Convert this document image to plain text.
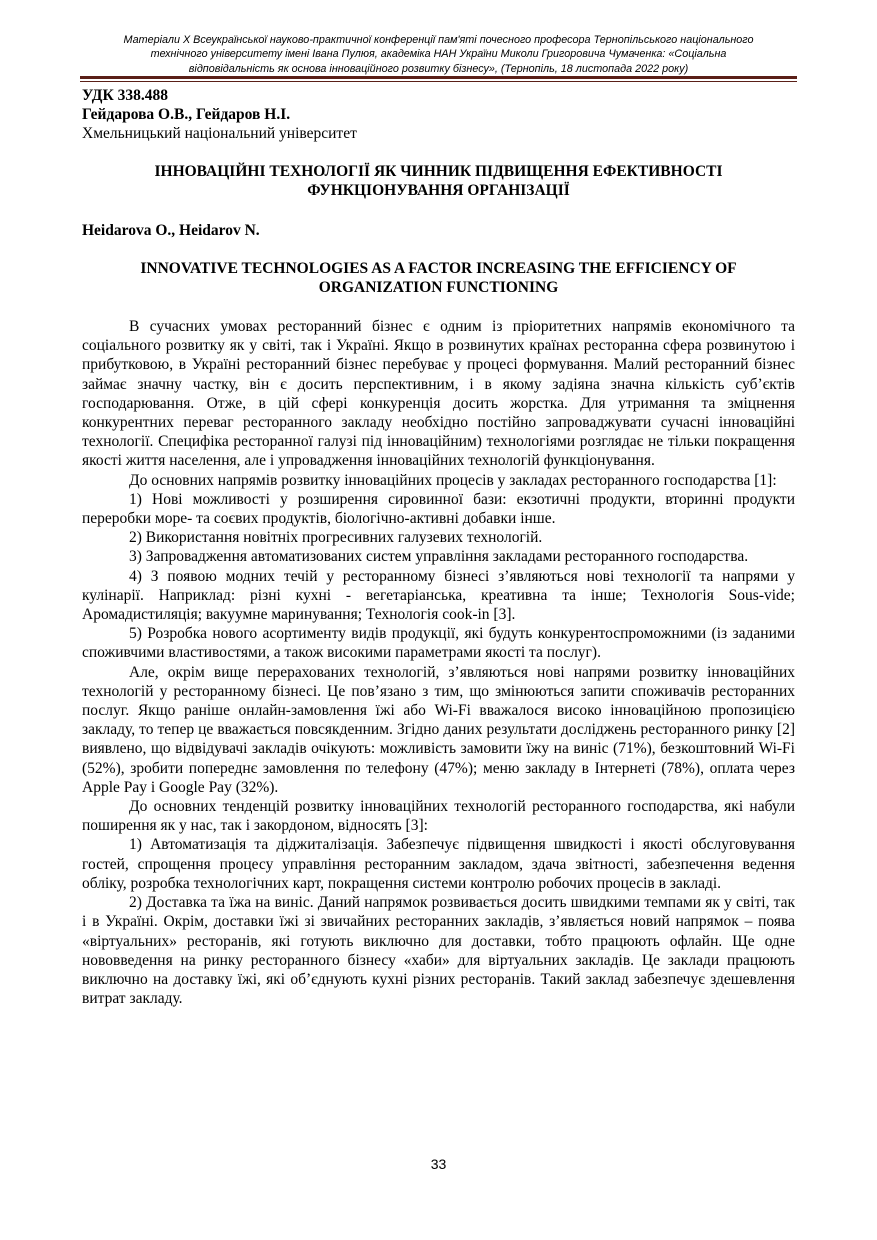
Матеріали Х Всеукраїнської науково-практичної конференції пам'яті почесного професора Тернопільського національного
технічного університету імені Івана Пулюя, академіка НАН України Миколи Григоровича Чумаченка: «Соціальна
відповідальність як основа інноваційного розвитку бізнесу», (Тернопіль, 18 листопада 2022 року)
УДК 338.488
Гейдарова О.В., Гейдаров Н.І.
Хмельницький національний університет
ІННОВАЦІЙНІ ТЕХНОЛОГІЇ ЯК ЧИННИК ПІДВИЩЕННЯ ЕФЕКТИВНОСТІ
ФУНКЦІОНУВАННЯ ОРГАНІЗАЦІЇ
Heidarova O., Heidarov N.
INNOVATIVE TECHNOLOGIES AS A FACTOR INCREASING THE EFFICIENCY OF
ORGANIZATION FUNCTIONING

В сучасних умовах ресторанний бізнес є одним із пріоритетних напрямів економічного та соціального розвитку як у світі, так і Україні. Якщо в розвинутих країнах ресторанна сфера розвинутою і прибутковою, в Україні ресторанний бізнес перебуває у процесі формування. Малий ресторанний бізнес займає значну частку, він є досить перспективним, і в якому задіяна значна кількість суб’єктів господарювання. Отже, в цій сфері конкуренція досить жорстка. Для утримання та зміцнення конкурентних переваг ресторанного закладу необхідно постійно запроваджувати сучасні інноваційні технології. Специфіка ресторанної галузі під інноваційним) технологіями розглядає не тільки покращення якості життя населення, але і упровадження інноваційних технологій функціонування.

До основних напрямів розвитку інноваційних процесів у закладах ресторанного господарства [1]:

1) Нові можливості у розширення сировинної бази: екзотичні продукти, вторинні продукти переробки море- та соєвих продуктів, біологічно-активні добавки інше.

2) Використання новітніх прогресивних галузевих технологій.

3) Запровадження автоматизованих систем управління закладами ресторанного господарства.

4) З появою модних течій у ресторанному бізнесі з’являються нові технології та напрями у кулінарії. Наприклад: різні кухні - вегетаріанська, креативна та інше; Технологія Sous-vide; Аромадистиляція; вакуумне маринування; Технологія cook-in [3].

5) Розробка нового асортименту видів продукції, які будуть конкурентоспроможними (із заданими споживчими властивостями, а також високими параметрами якості та послуг).

Але, окрім вище перерахованих технологій, з’являються нові напрями розвитку інноваційних технологій у ресторанному бізнесі. Це пов’язано з тим, що змінюються запити споживачів ресторанних послуг. Якщо раніше онлайн-замовлення їжі або Wi-Fi вважалося високо інноваційною пропозицією закладу, то тепер це вважається повсякденним. Згідно даних результати досліджень ресторанного ринку [2] виявлено, що відвідувачі закладів очікують: можливість замовити їжу на виніс (71%), безкоштовний Wi-Fi (52%), зробити попереднє замовлення по телефону (47%); меню закладу в Інтернеті (78%), оплата через Apple Pay і Google Pay (32%).

До основних тенденцій розвитку інноваційних технологій ресторанного господарства, які набули поширення як у нас, так і закордоном, відносять [3]:

1) Автоматизація та діджиталізація. Забезпечує підвищення швидкості і якості обслуговування гостей, спрощення процесу управління ресторанним закладом, здача звітності, забезпечення ведення обліку, розробка технологічних карт, покращення системи контролю робочих процесів в закладі.

2) Доставка та їжа на виніс. Даний напрямок розвивається досить швидкими темпами як у світі, так і в Україні. Окрім, доставки їжі зі звичайних ресторанних закладів, з’являється новий напрямок – поява «віртуальних» ресторанів, які готують виключно для доставки, тобто працюють офлайн. Ще одне нововведення на ринку ресторанного бізнесу «хаби» для віртуальних закладів. Це заклади працюють виключно на доставку їжі, які об’єднують кухні різних ресторанів. Такий заклад забезпечує здешевлення витрат закладу.

33
